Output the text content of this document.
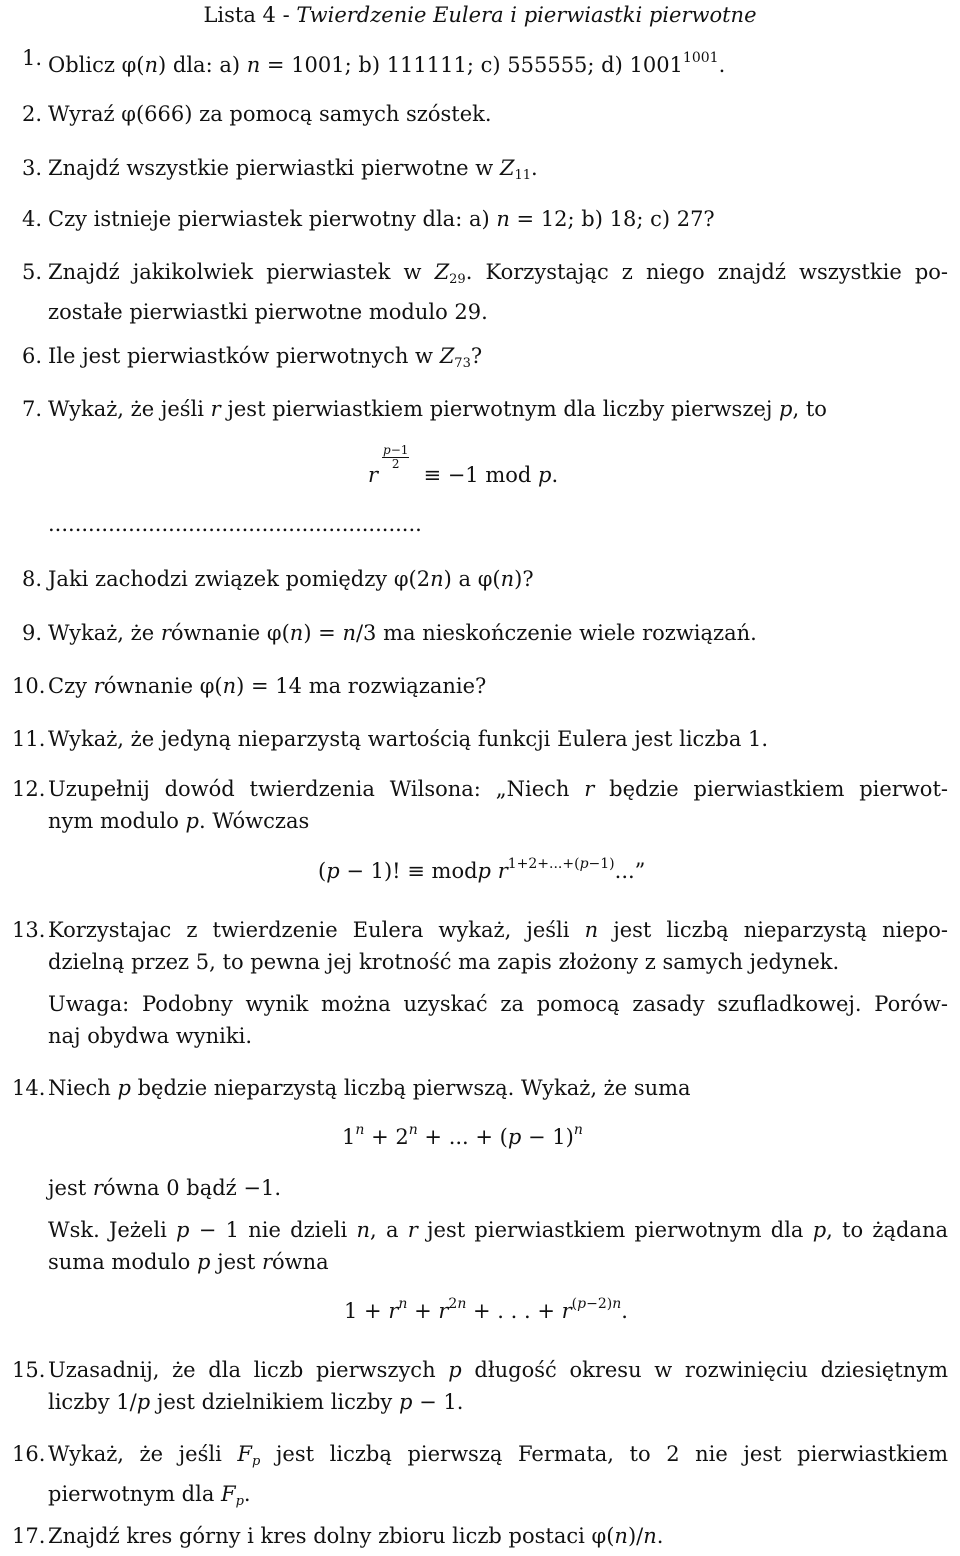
Lista 4 - Twierdzenie Eulera i pierwiastki pierwotne
1. Oblicz φ(n) dla: a) n = 1001; b) 111111; c) 555555; d) $1001^{1001}$.
2. Wyraź φ(666) za pomocą samych szóstek.
3. Znajdź wszystkie pierwiastki pierwotne w $Z_{11}$.
4. Czy istnieje pierwiastek pierwotny dla: a) n = 12; b) 18; c) 27?
5. Znajdź jakikolwiek pierwiastek w $Z_{29}$. Korzystając z niego znajdź wszystkie po-
zostałe pierwiastki pierwotne modulo 29.
6. Ile jest pierwiastków pierwotnych w $Z_{73}$?
7. Wykaż, że jeśli r jest pierwiastkiem pierwotnym dla liczby pierwszej p, to
r
$\frac{p-1}{2}$
≡ −1 mod p.
........................................................
8. Jaki zachodzi związek pomiędzy φ(2n) a φ(n)?
9. Wykaż, że równanie φ(n) = n/3 ma nieskończenie wiele rozwiązań.
10. Czy równanie φ(n) = 14 ma rozwiązanie?
11. Wykaż, że jedyną nieparzystą wartością funkcji Eulera jest liczba 1.
12. Uzupełnij dowód twierdzenia Wilsona: „Niech r będzie pierwiastkiem pierwot-
nym modulo p. Wówczas
(p − 1)! ≡ modp $r^{1+2+...+(p-1)}$...”
13. Korzystajac z twierdzenie Eulera wykaż, jeśli n jest liczbą nieparzystą niepo-
dzielną przez 5, to pewna jej krotność ma zapis złożony z samych jedynek.
Uwaga: Podobny wynik można uzyskać za pomocą zasady szufladkowej. Porów-
naj obydwa wyniki.
14. Niech p będzie nieparzystą liczbą pierwszą. Wykaż, że suma
$1^n + 2^n$ + ... + $(p - 1)^n$
jest równa 0 bądź −1.
Wsk. Jeżeli p − 1 nie dzieli n, a r jest pierwiastkiem pierwotnym dla p, to żądana
suma modulo p jest równa
$1 + r^n + r^{2n}$ + . . . + $r^{(p-2)n}$.
15. Uzasadnij, że dla liczb pierwszych p długość okresu w rozwinięciu dziesiętnym
liczby 1/p jest dzielnikiem liczby p − 1.
16. Wykaż, że jeśli $F_p$ jest liczbą pierwszą Fermata, to 2 nie jest pierwiastkiem
pierwotnym dla $F_p$.
17. Znajdź kres górny i kres dolny zbioru liczb postaci φ(n)/n.
